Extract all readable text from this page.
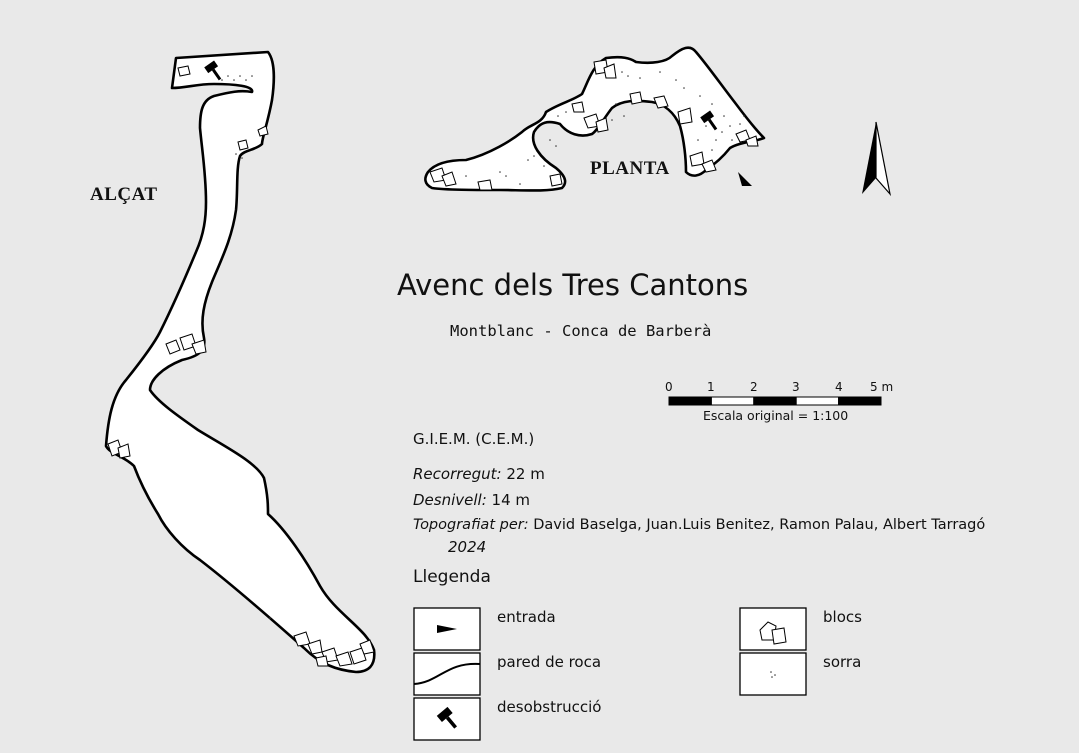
ALÇAT
PLANTA
Avenc dels Tres Cantons
Montblanc - Conca de Barberà
0	1	2	3	4 5 m
Escala original = 1:100
G.I.E.M. (C.E.M.)
Recorregut: 22 m
Desnivell: 14 m
Topografiat per: David Baselga, Juan.Luis Benitez, Ramon Palau, Albert Tarragó
2024
Llegenda
entrada
pared de roca
desobstrucció
blocs
sorra
